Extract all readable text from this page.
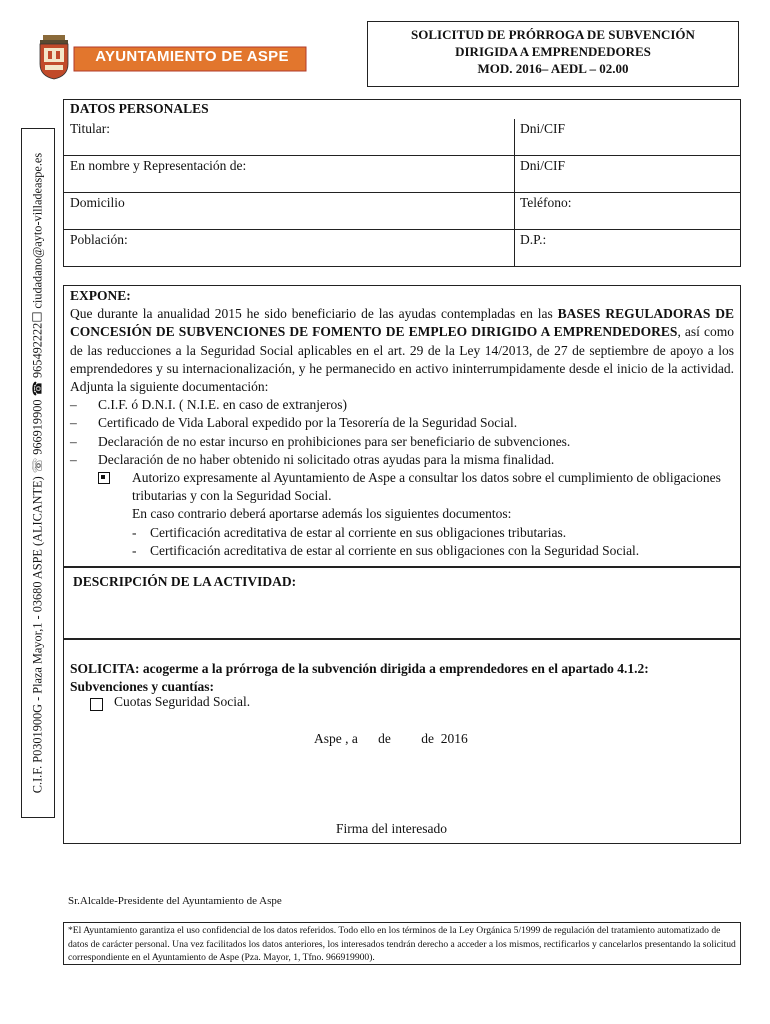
AYUNTAMIENTO DE ASPE
SOLICITUD DE PRÓRROGA DE SUBVENCIÓN
DIRIGIDA A EMPRENDEDORES
MOD. 2016– AEDL – 02.00
C.I.F. P0301900G - Plaza Mayor,1 - 03680 ASPE (ALICANTE) ☏ 966919900 ☎ 965492222☐ ciudadano@ayto-villadeaspe.es
DATOS PERSONALES
Titular:	Dni/CIF
En nombre y Representación de:	Dni/CIF
Domicilio	Teléfono:
Población:	D.P.:
EXPONE:
Que durante la anualidad 2015 he sido beneficiario de las ayudas contempladas en las BASES REGULADORAS DE CONCESIÓN DE SUBVENCIONES DE FOMENTO DE EMPLEO DIRIGIDO A EMPRENDEDORES, así como de las reducciones a la Seguridad Social aplicables en el art. 29 de la Ley 14/2013, de 27 de septiembre de apoyo a los emprendedores y su internacionalización, y he permanecido en activo ininterrumpidamente desde el inicio de la actividad. Adjunta la siguiente documentación:
– C.I.F. ó D.N.I. ( N.I.E. en caso de extranjeros)
– Certificado de Vida Laboral expedido por la Tesorería de la Seguridad Social.
– Declaración de no estar incurso en prohibiciones para ser beneficiario de subvenciones.
– Declaración de no haber obtenido ni solicitado otras ayudas para la misma finalidad.
Autorizo expresamente al Ayuntamiento de Aspe a consultar los datos sobre el cumplimiento de obligaciones tributarias y con la Seguridad Social.
En caso contrario deberá aportarse además los siguientes documentos:
- Certificación acreditativa de estar al corriente en sus obligaciones tributarias.
- Certificación acreditativa de estar al corriente en sus obligaciones con la Seguridad Social.
DESCRIPCIÓN DE LA ACTIVIDAD:
SOLICITA: acogerme a la prórroga de la subvención dirigida a emprendedores en el apartado 4.1.2:
Subvenciones y cuantías:
Cuotas Seguridad Social.
Aspe , a      de         de  2016
Firma del interesado
Sr.Alcalde-Presidente del Ayuntamiento de Aspe
*El Ayuntamiento garantiza el uso confidencial de los datos referidos. Todo ello en los términos de la Ley Orgánica 5/1999 de regulación del tratamiento automatizado de datos de carácter personal. Una vez facilitados los datos anteriores, los interesados tendrán derecho a acceder a los mismos, rectificarlos y cancelarlos presentando la solicitud correspondiente en el Ayuntamiento de Aspe (Pza. Mayor, 1, Tfno. 966919900).
